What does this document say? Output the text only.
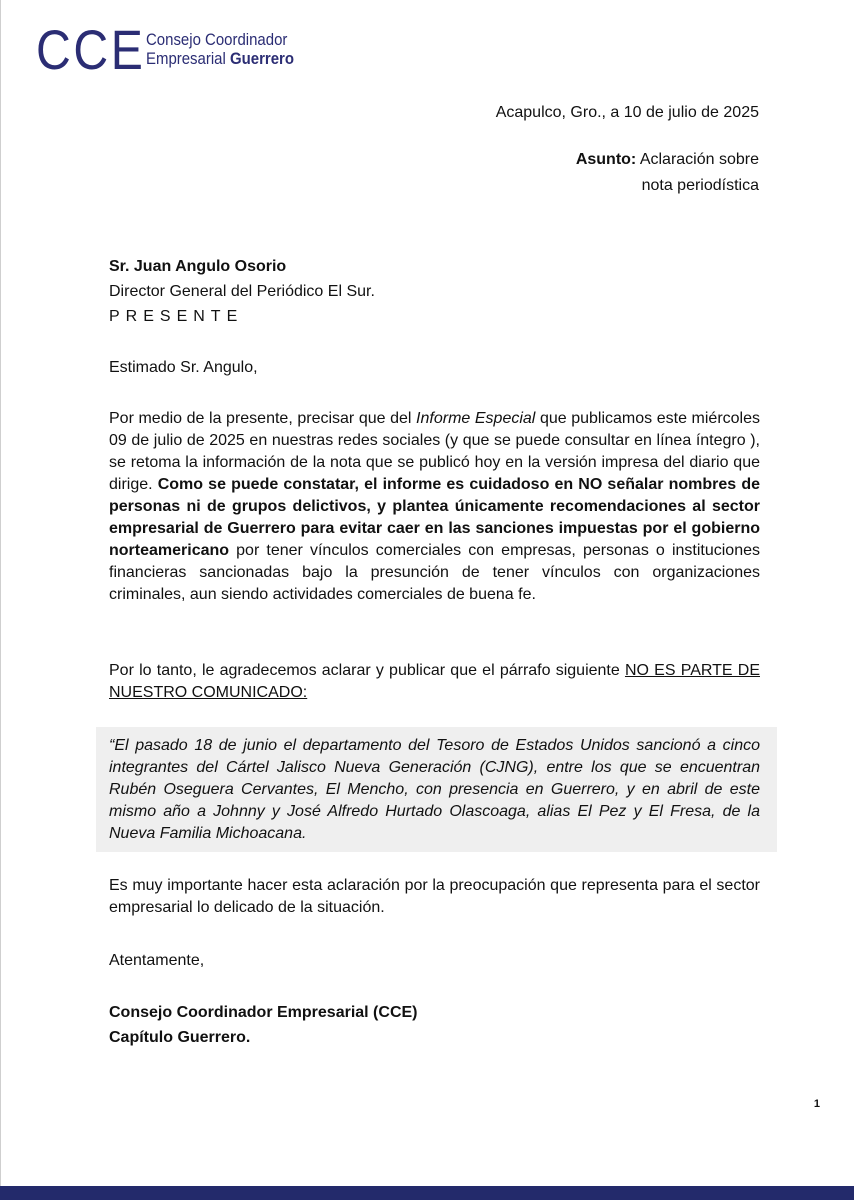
CCE Consejo Coordinador
Empresarial Guerrero
Acapulco, Gro., a 10 de julio de 2025
Asunto: Aclaración sobre
nota periodística
Sr. Juan Angulo Osorio
Director General del Periódico El Sur.
PRESENTE
Estimado Sr. Angulo,

Por medio de la presente, precisar que del Informe Especial que publicamos este miércoles 09 de julio de 2025 en nuestras redes sociales (y que se puede consultar en línea íntegro ), se retoma la información de la nota que se publicó hoy en la versión impresa del diario que dirige. Como se puede constatar, el informe es cuidadoso en NO señalar nombres de personas ni de grupos delictivos, y plantea únicamente recomendaciones al sector empresarial de Guerrero para evitar caer en las sanciones impuestas por el gobierno norteamericano por tener vínculos comerciales con empresas, personas o instituciones financieras sancionadas bajo la presunción de tener vínculos con organizaciones criminales, aun siendo actividades comerciales de buena fe.

Por lo tanto, le agradecemos aclarar y publicar que el párrafo siguiente NO ES PARTE DE NUESTRO COMUNICADO:

“El pasado 18 de junio el departamento del Tesoro de Estados Unidos sancionó a cinco integrantes del Cártel Jalisco Nueva Generación (CJNG), entre los que se encuentran Rubén Oseguera Cervantes, El Mencho, con presencia en Guerrero, y en abril de este mismo año a Johnny y José Alfredo Hurtado Olascoaga, alias El Pez y El Fresa, de la Nueva Familia Michoacana.

Es muy importante hacer esta aclaración por la preocupación que representa para el sector empresarial lo delicado de la situación.

Atentamente,
Consejo Coordinador Empresarial (CCE)
Capítulo Guerrero.
1
